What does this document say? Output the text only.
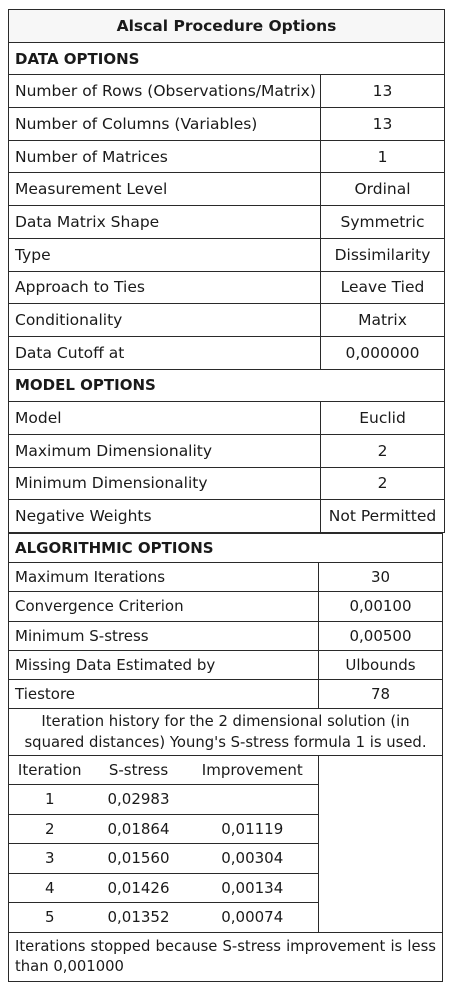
Alscal Procedure Options	
DATA OPTIONS	
Number of Rows (Observations/Matrix)	13
Number of Columns (Variables)	13
Number of Matrices	1
Measurement Level	Ordinal
Data Matrix Shape	Symmetric
Type	Dissimilarity
Approach to Ties	Leave Tied
Conditionality	Matrix
Data Cutoff at	0,000000
MODEL OPTIONS	
Model	Euclid
Maximum Dimensionality	2
Minimum Dimensionality	2
Negative Weights	Not Permitted
ALGORITHMIC OPTIONS	
Maximum Iterations	30
Convergence Criterion	0,00100
Minimum S-stress	0,00500
Missing Data Estimated by	Ulbounds
Tiestore	78
Iteration history for the 2 dimensional solution (in squared distances) Young's S-stress formula 1 is used.	
Iteration	S-stress	Improvement	
1	0,02983		
2	0,01864	0,01119	
3	0,01560	0,00304	
4	0,01426	0,00134	
5	0,01352	0,00074	
Iterations stopped because S-stress improvement is less than 0,001000			
